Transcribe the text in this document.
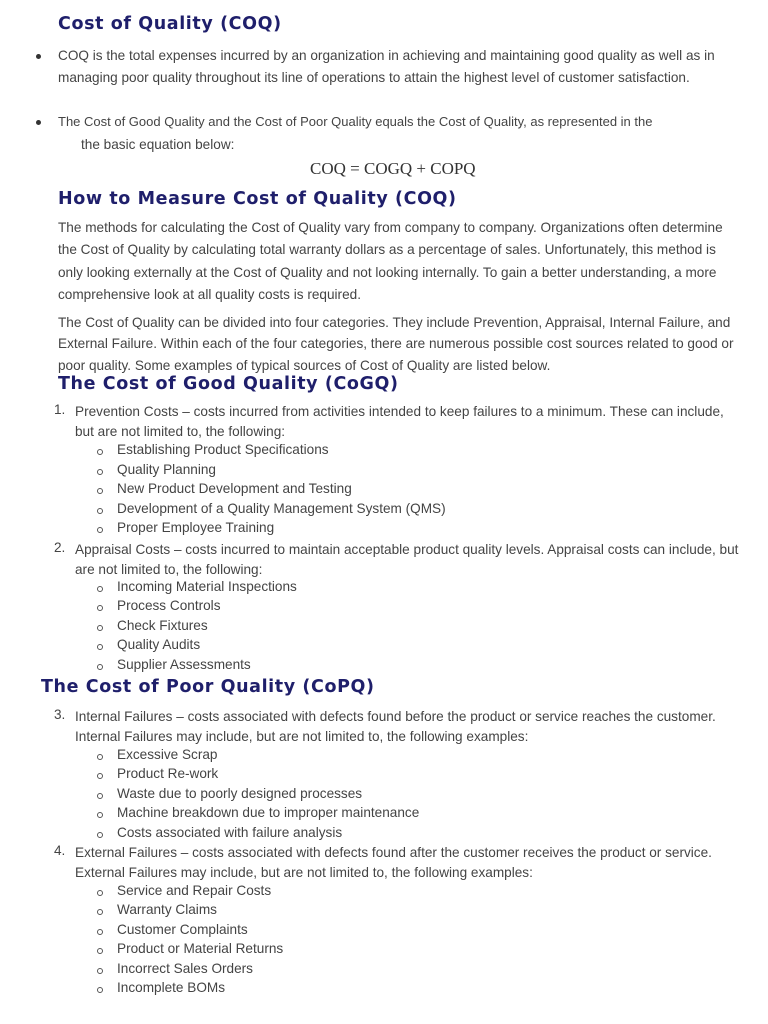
Cost of Quality (COQ)
COQ is the total expenses incurred by an organization in achieving and maintaining good quality as well as in managing poor quality throughout its line of operations to attain the highest level of customer satisfaction.
The Cost of Good Quality and the Cost of Poor Quality equals the Cost of Quality, as represented in the
the basic equation below:
COQ = COGQ + COPQ
How to Measure Cost of Quality (COQ)
The methods for calculating the Cost of Quality vary from company to company. Organizations often determine the Cost of Quality by calculating total warranty dollars as a percentage of sales. Unfortunately, this method is only looking externally at the Cost of Quality and not looking internally. To gain a better understanding, a more comprehensive look at all quality costs is required.
The Cost of Quality can be divided into four categories. They include Prevention, Appraisal, Internal Failure, and External Failure. Within each of the four categories, there are numerous possible cost sources related to good or poor quality. Some examples of typical sources of Cost of Quality are listed below.
The Cost of Good Quality (CoGQ)
1. Prevention Costs – costs incurred from activities intended to keep failures to a minimum. These can include, but are not limited to, the following:
Establishing Product Specifications
Quality Planning
New Product Development and Testing
Development of a Quality Management System (QMS)
Proper Employee Training
2. Appraisal Costs – costs incurred to maintain acceptable product quality levels. Appraisal costs can include, but are not limited to, the following:
Incoming Material Inspections
Process Controls
Check Fixtures
Quality Audits
Supplier Assessments
The Cost of Poor Quality (CoPQ)
3. Internal Failures – costs associated with defects found before the product or service reaches the customer. Internal Failures may include, but are not limited to, the following examples:
Excessive Scrap
Product Re-work
Waste due to poorly designed processes
Machine breakdown due to improper maintenance
Costs associated with failure analysis
4. External Failures – costs associated with defects found after the customer receives the product or service. External Failures may include, but are not limited to, the following examples:
Service and Repair Costs
Warranty Claims
Customer Complaints
Product or Material Returns
Incorrect Sales Orders
Incomplete BOMs
